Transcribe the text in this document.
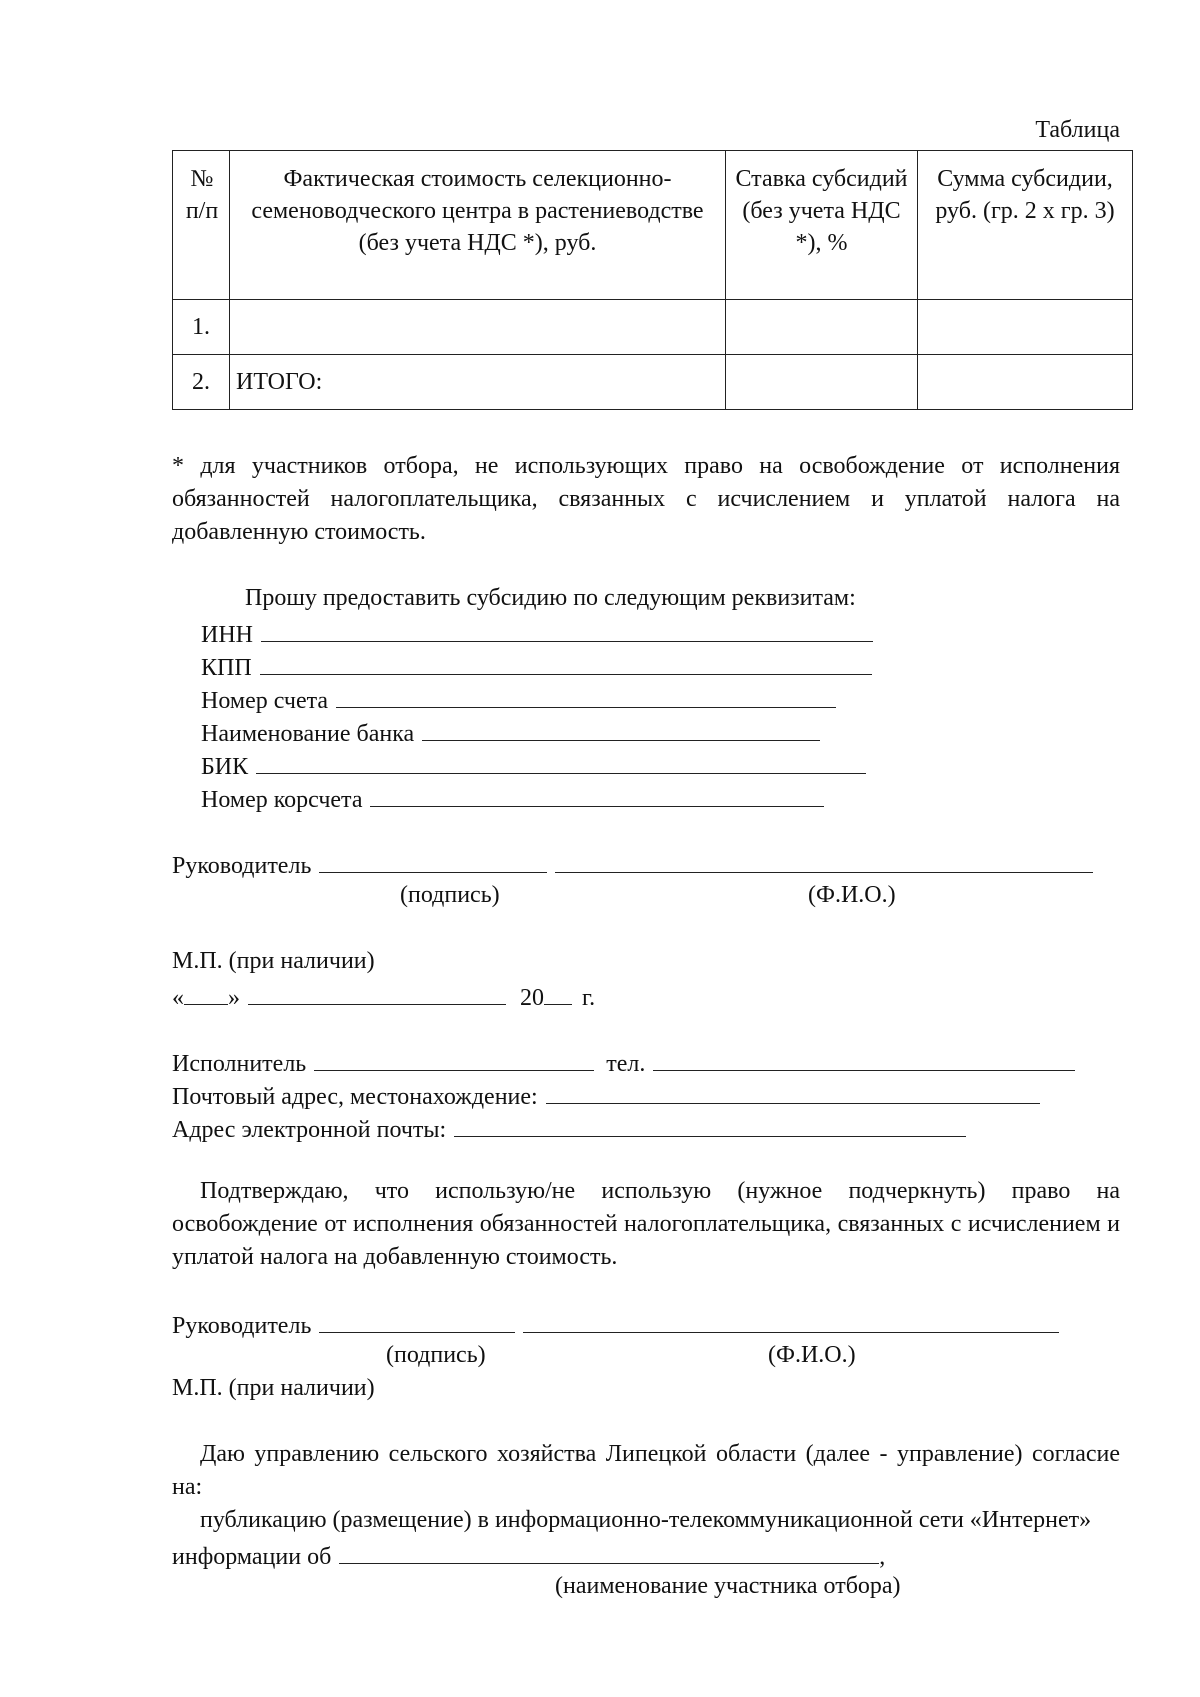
Таблица
№ п/п	Фактическая стоимость селекционно-семеноводческого центра в растениеводстве (без учета НДС *), руб.	Ставка субсидий (без учета НДС *), %	Сумма субсидии, руб. (гр. 2 х гр. 3)
1.			
2.	ИТОГО:		
* для участников отбора, не использующих право на освобождение от исполнения обязанностей налогоплательщика, связанных с исчислением и уплатой налога на добавленную стоимость.
Прошу предоставить субсидию по следующим реквизитам:
ИНН
КПП
Номер счета
Наименование банка
БИК
Номер корсчета
Руководитель
(подпись)	(Ф.И.О.)
М.П. (при наличии)
« »	20 г.
Исполнитель	тел.
Почтовый адрес, местонахождение:
Адрес электронной почты:
Подтверждаю, что использую/не использую (нужное подчеркнуть) право на освобождение от исполнения обязанностей налогоплательщика, связанных с исчислением и уплатой налога на добавленную стоимость.
Руководитель
(подпись)	(Ф.И.О.)
М.П. (при наличии)
Даю управлению сельского хозяйства Липецкой области (далее - управление) согласие на:
публикацию (размещение) в информационно-телекоммуникационной сети «Интернет» информации об	,
(наименование участника отбора)
